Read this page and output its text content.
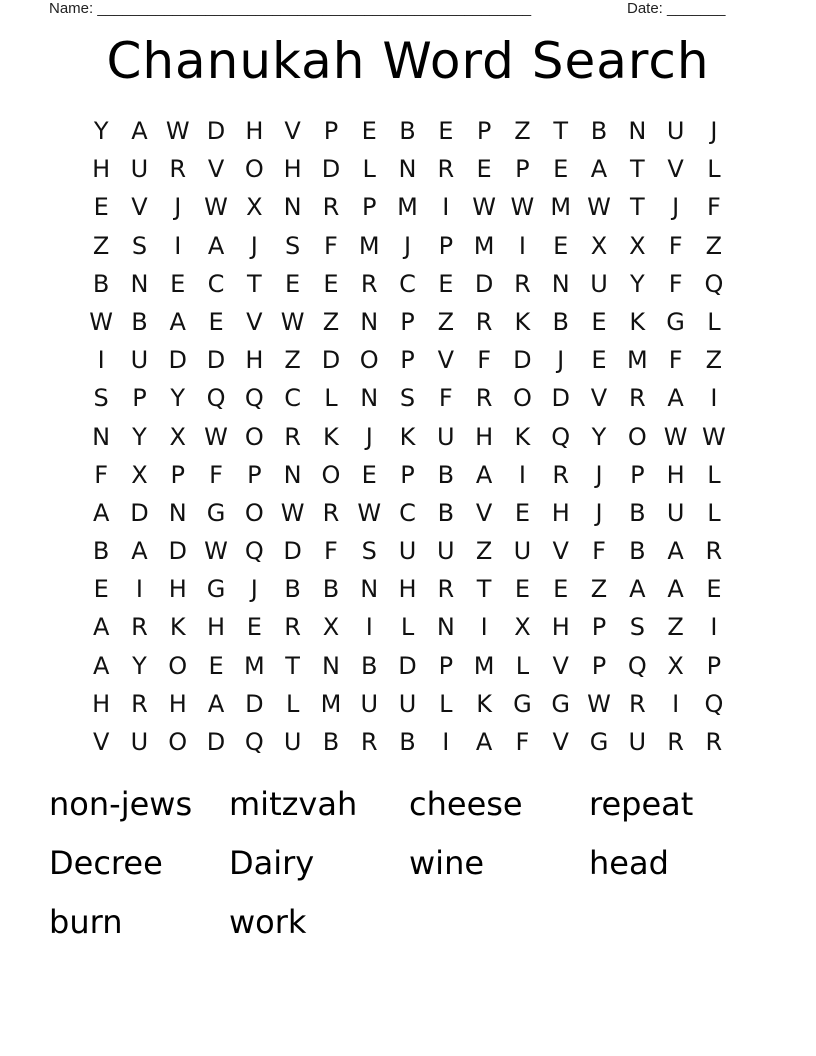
Name: ____________________________________________________	Date: _______
Chanukah Word Search
Y A W D H V P E B E P Z T B N U	J
H U R V O H D L N R E P E A T V L
E V	J W X N R P M	I W W M W T	J	F
Z S	I	A	J	S F M	J	P M	I	E X X F Z
B N E C T E E R C E D R N U Y	F Q
W B A E V W Z N P Z R K B E K G L
I	U D D H Z D O P V F D	J	E M F Z
S P Y Q Q C L N S F R O D V R A	I
N Y X W O R K	J	K U H K Q Y O W W
F X P	F	P N O E P B A	I	R	J	P H L
A D N G O W R W C B V E H	J	B U L
B A D W Q D F S U U Z U V F B A R
E	I	H G	J	B B N H R T E E Z A A E
A R K H E R X	I	L N	I	X H P S Z	I
A Y O E M T N B D P M L V P Q X P
H R H A D L M U U L K G G W R	I	Q
V U O D Q U B R B	I	A F V G U R R
non-jews	mitzvah	cheese	repeat
Decree	Dairy	wine	head
burn	work
